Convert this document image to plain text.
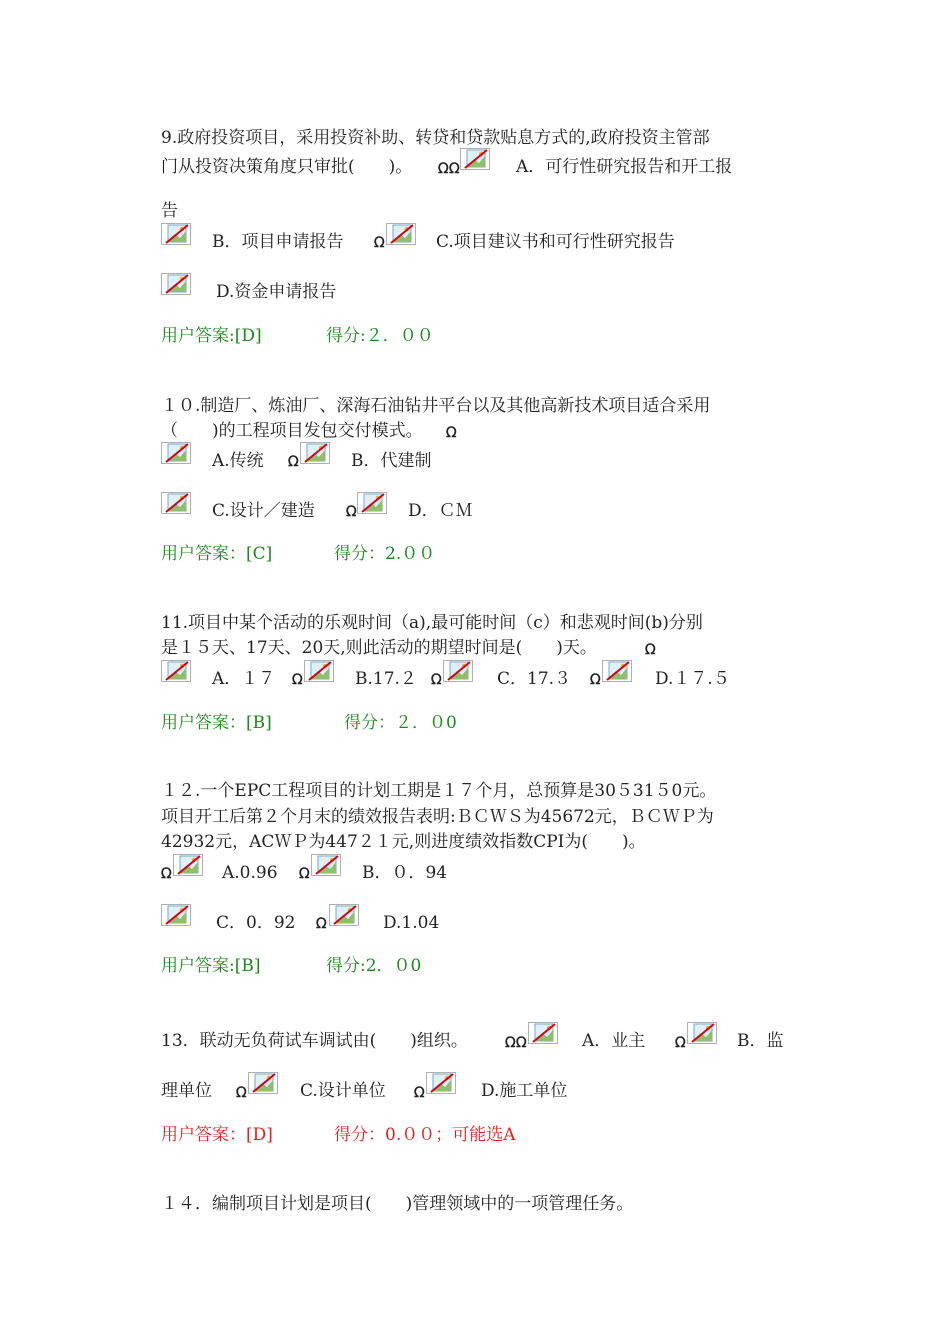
9.政府投资项目，采用投资补助、转贷和贷款贴息方式的,政府投资主管部
门从投资决策角度只审批(　　)。 ᘯ ᘯ	A．可行性研究报告和开工报
告
B．项目申请报告 ᘯ	C.项目建议书和可行性研究报告
D.资金申请报告
用户答案:[D]	得分:２．００
１０.制造厂、炼油厂、深海石油钻井平台以及其他高新技术项目适合采用
（　　)的工程项目发包交付模式。 ᘯ
A.传统 ᘯ	B．代建制
C.设计／建造 ᘯ	D．ＣＭ
用户答案：[C]	得分：2.００
11.项目中某个活动的乐观时间（a),最可能时间（c）和悲观时间(b)分别
是１５天、17天、20天,则此活动的期望时间是(　　)天。	ᘯ
A．１７ ᘯ	B.17.２ ᘯ	C．17.３ ᘯ	D.１７.５
用户答案：[B]	得分：２．０0
１２.一个EPC工程项目的计划工期是１７个月，总预算是30５31５0元。
项目开工后第２个月末的绩效报告表明:ＢＣＷＳ为45672元，ＢＣＷＰ为
42932元，ACＷＰ为447２１元,则进度绩效指数CPI为(　　)。
ᘯ	A.0.96 ᘯ	B．０．94
C．0．92 ᘯ	D.1.04
用户答案:[B]	得分:2．０0
13．联动无负荷试车调试由(　　)组织。	ᘯ ᘯ	A．业主 ᘯ	B．监
理单位 ᘯ	C.设计单位 ᘯ	D.施工单位
用户答案：[D]	得分：0.００；可能选A
１４．编制项目计划是项目(　　)管理领域中的一项管理任务。
